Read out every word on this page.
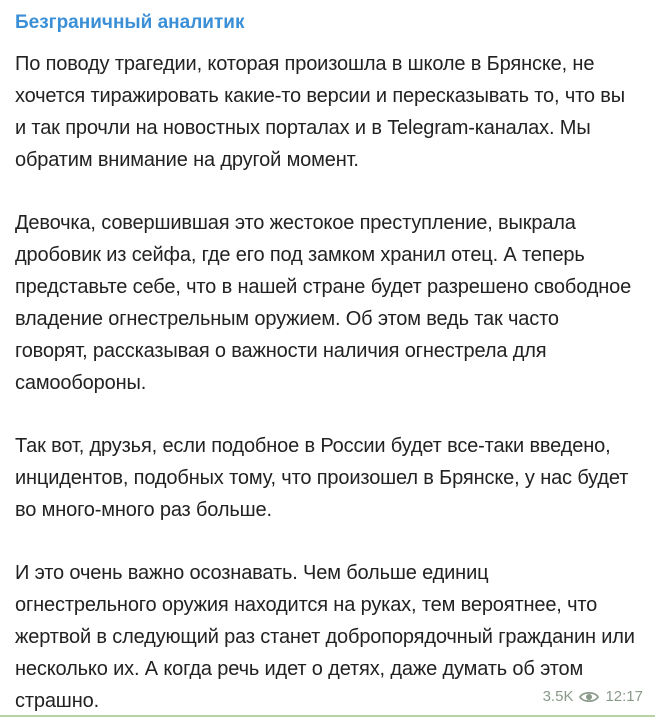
Безграничный аналитик

По поводу трагедии, которая произошла в школе в Брянске, не хочется тиражировать какие-то версии и пересказывать то, что вы и так прочли на новостных порталах и в Telegram-каналах. Мы обратим внимание на другой момент.

Девочка, совершившая это жестокое преступление, выкрала дробовик из сейфа, где его под замком хранил отец. А теперь представьте себе, что в нашей стране будет разрешено свободное владение огнестрельным оружием. Об этом ведь так часто говорят, рассказывая о важности наличия огнестрела для самообороны.

Так вот, друзья, если подобное в России будет все-таки введено, инцидентов, подобных тому, что произошел в Брянске, у нас будет во много-много раз больше.

И это очень важно осознавать. Чем больше единиц огнестрельного оружия находится на руках, тем вероятнее, что жертвой в следующий раз станет добропорядочный гражданин или несколько их. А когда речь идет о детях, даже думать об этом страшно.	3.5K 12:17
